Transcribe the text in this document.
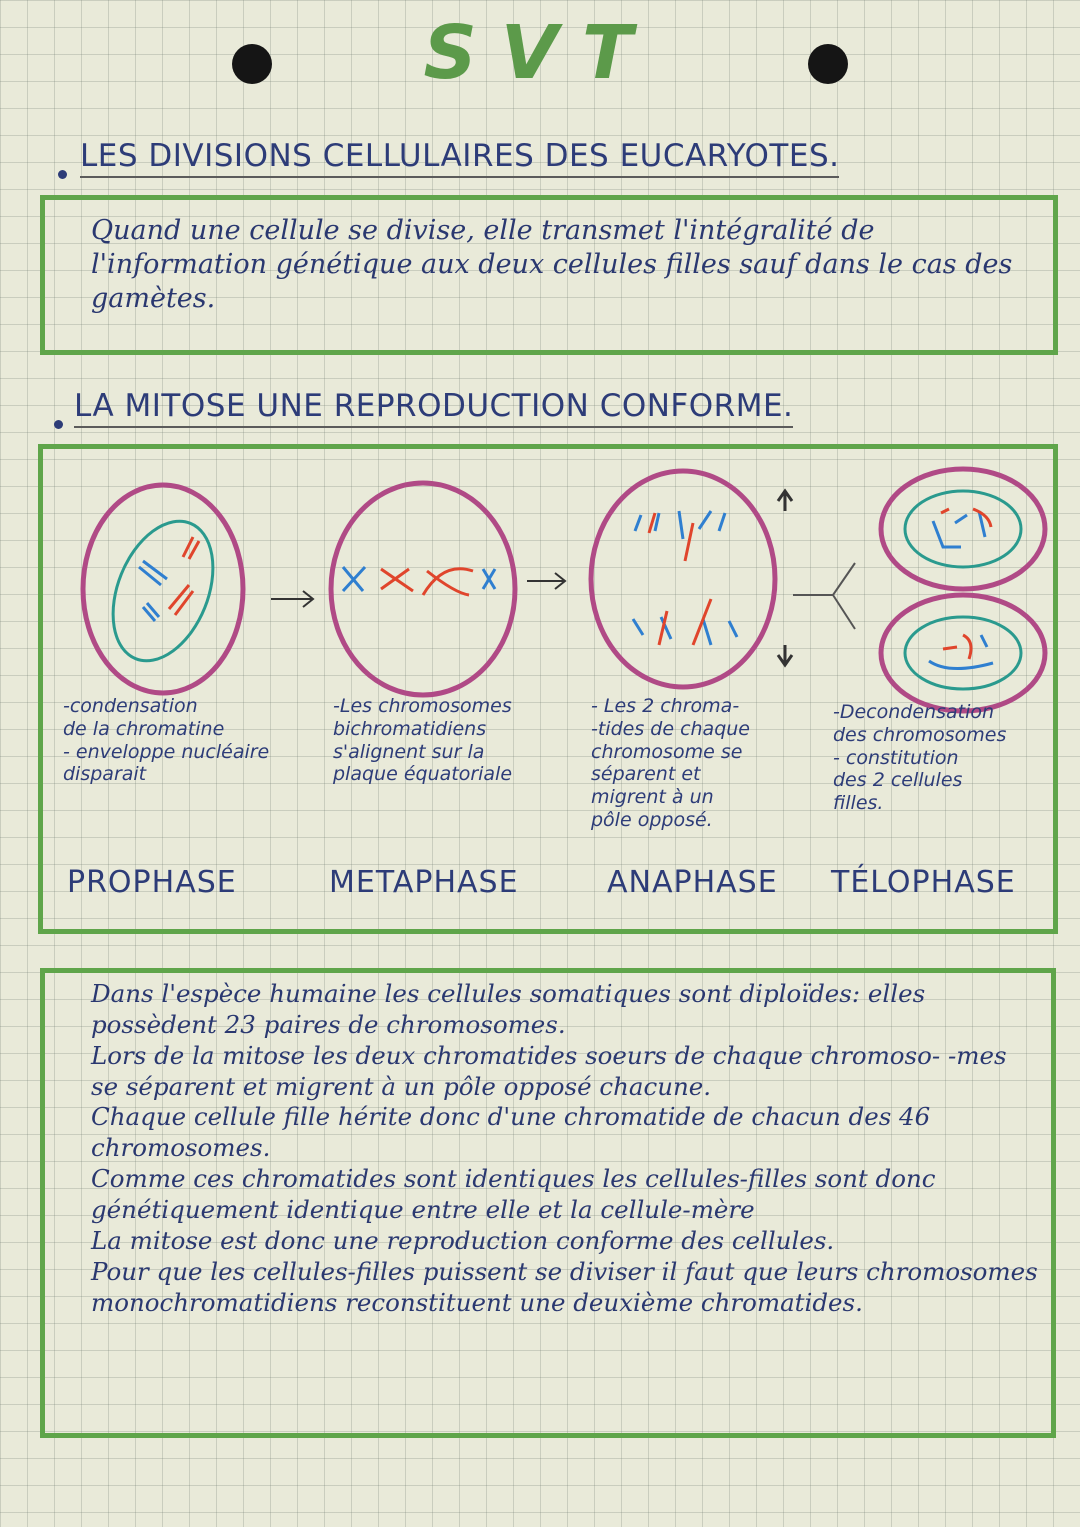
SVT
LES DIVISIONS CELLULAIRES DES EUCARYOTES.
Quand une cellule se divise, elle transmet l'intégralité de l'information génétique aux deux cellules filles sauf dans le cas des gamètes.
LA MITOSE UNE REPRODUCTION CONFORME.
-condensation
de la chromatine
- enveloppe nucléaire
disparait
-Les chromosomes
bichromatidiens
s'alignent sur la
plaque équatoriale
- Les 2 chroma-
-tides de chaque
chromosome se
séparent et
migrent à un
pôle opposé.
-Decondensation
des chromosomes
- constitution
des 2 cellules
filles.
PROPHASE	METAPHASE	ANAPHASE TÉLOPHASE

Dans l'espèce humaine les cellules somatiques sont diploïdes: elles possèdent 23 paires de chromosomes.

Lors de la mitose les deux chromatides soeurs de chaque chromoso- -mes se séparent et migrent à un pôle opposé chacune.

Chaque cellule fille hérite donc d'une chromatide de chacun des 46 chromosomes.

Comme ces chromatides sont identiques les cellules-filles sont donc génétiquement identique entre elle et la cellule-mère

La mitose est donc une reproduction conforme des cellules.

Pour que les cellules-filles puissent se diviser il faut que leurs chromosomes monochromatidiens reconstituent une deuxième chromatides.
